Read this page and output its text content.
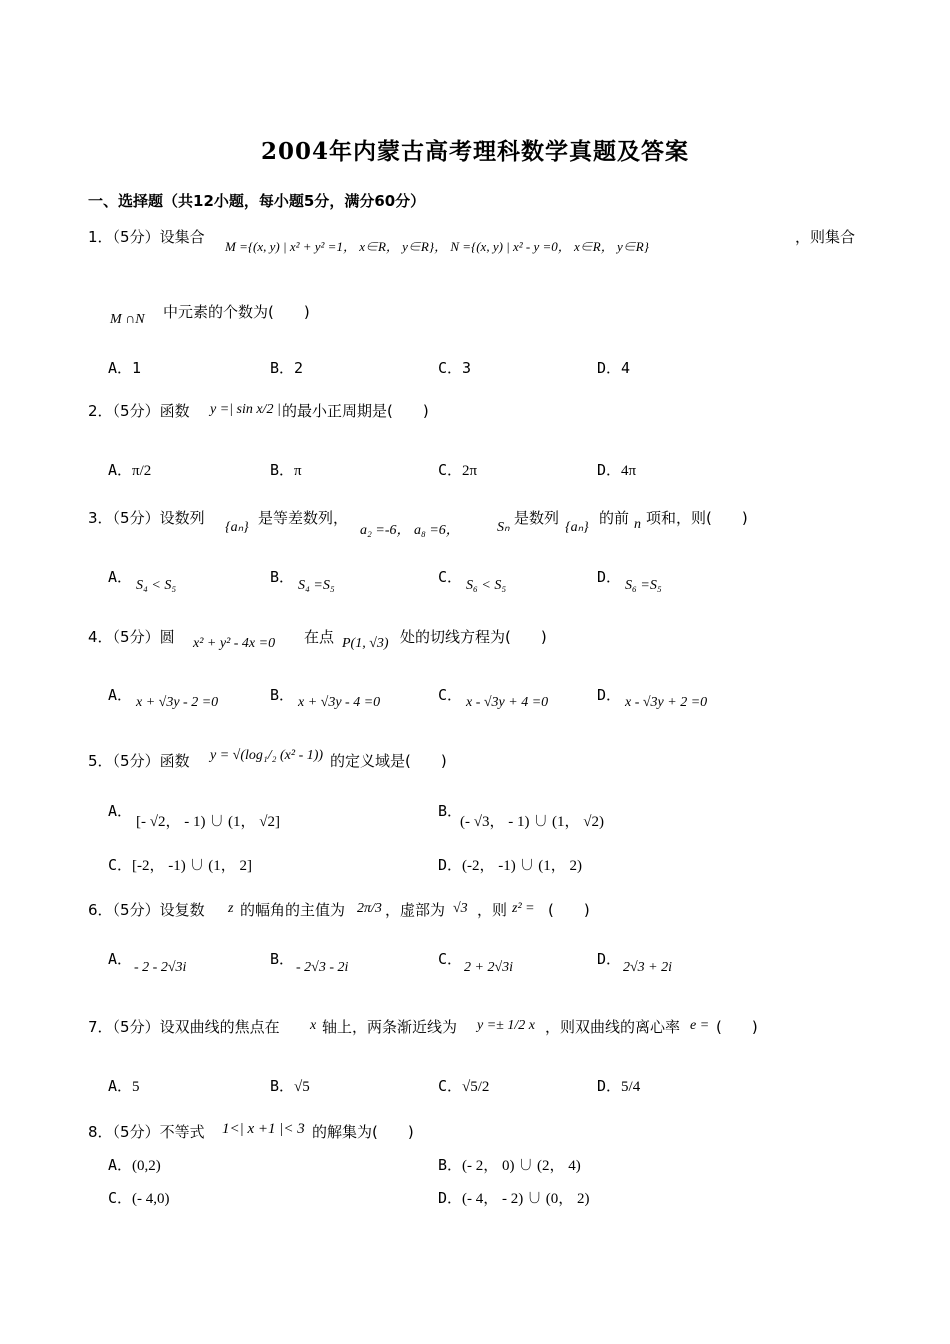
2004年内蒙古高考理科数学真题及答案
一、选择题（共12小题，每小题5分，满分60分）
1．（5分）设集合
M ={(x, y) | x² + y² =1， x∈R， y∈R}， N ={(x, y) | x² - y =0， x∈R， y∈R}
，则集合
M ∩N 中元素的个数为(　　)
A．1	B．2	C．3	D．4
2．（5分）函数 y =| sin x/2 | 的最小正周期是(　　)
A．π/2	B．π	C．2π	D．4π
3．（5分）设数列
{aₙ}
是等差数列，
a₂ =-6， a₈ =6，	Sₙ
是数列
{aₙ}
的前 n 项和，则(　　)
A． S₄ < S₅	B． S₄ =S₅	C． S₆ < S₅	D． S₆ =S₅
4．（5分）圆 x² + y² - 4x =0 在点 P(1, √3) 处的切线方程为(　　)
A． x + √3y - 2 =0	B． x + √3y - 4 =0	C． x - √3y + 4 =0	D． x - √3y + 2 =0
5．（5分）函数 y = √(log₁/₂ (x² - 1)) 的定义域是(　　)
A．
[- √2， - 1) ∪ (1， √2]
B．
(- √3， - 1) ∪ (1， √2)
C．[-2， -1) ∪ (1， 2]	D．(-2， -1) ∪ (1， 2)
6．（5分）设复数 z 的幅角的主值为 2π/3 ，虚部为 √3 ，则 z² = (　　)
A． - 2 - 2√3i	B． - 2√3 - 2i	C． 2 + 2√3i	D． 2√3 + 2i
7．（5分）设双曲线的焦点在 x 轴上，两条渐近线为 y =± 1/2 x ，则双曲线的离心率 e = (　　)
A．5	B．√5	C．√5/2	D．5/4
8．（5分）不等式 1<| x +1 |< 3 的解集为(　　)
A．(0,2)	B．(- 2， 0) ∪ (2， 4)
C．(- 4,0)	D．(- 4， - 2) ∪ (0， 2)
